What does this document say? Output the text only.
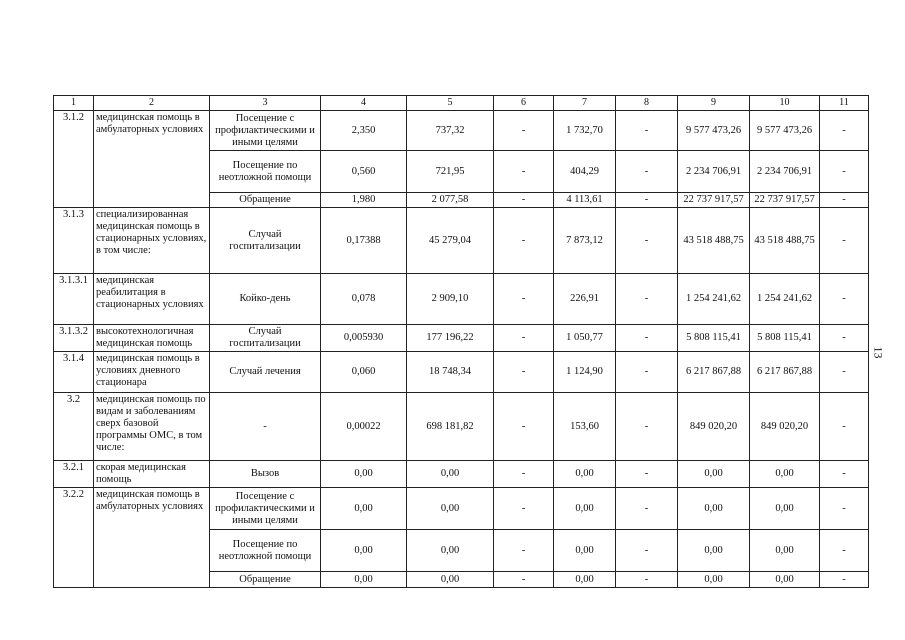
1	2	3	4	5	6	7	8	9	10	11
3.1.2	медицинская помощь в амбулаторных условиях	Посещение с профилактическими и иными целями	2,350	737,32	-	1 732,70	-	9 577 473,26	9 577 473,26	-
		Посещение по неотложной помощи	0,560	721,95	-	404,29	-	2 234 706,91	2 234 706,91	-
		Обращение	1,980	2 077,58	-	4 113,61	-	22 737 917,57	22 737 917,57	-
3.1.3	специализированная медицинская помощь в стационарных условиях, в том числе:	Случай госпитализации	0,17388	45 279,04	-	7 873,12	-	43 518 488,75	43 518 488,75	-
3.1.3.1	медицинская реабилитация в стационарных условиях	Койко-день	0,078	2 909,10	-	226,91	-	1 254 241,62	1 254 241,62	-
3.1.3.2	высокотехнологичная медицинская помощь	Случай госпитализации	0,005930	177 196,22	-	1 050,77	-	5 808 115,41	5 808 115,41	-
3.1.4	медицинская помощь в условиях дневного стационара	Случай лечения	0,060	18 748,34	-	1 124,90	-	6 217 867,88	6 217 867,88	-
3.2	медицинская помощь по видам и заболеваниям сверх базовой программы ОМС, в том числе:	-	0,00022	698 181,82	-	153,60	-	849 020,20	849 020,20	-
3.2.1	скорая медицинская помощь	Вызов	0,00	0,00	-	0,00	-	0,00	0,00	-
3.2.2	медицинская помощь в амбулаторных условиях	Посещение с профилактическими и иными целями	0,00	0,00	-	0,00	-	0,00	0,00	-
		Посещение по неотложной помощи	0,00	0,00	-	0,00	-	0,00	0,00	-
		Обращение	0,00	0,00	-	0,00	-	0,00	0,00	-
13
